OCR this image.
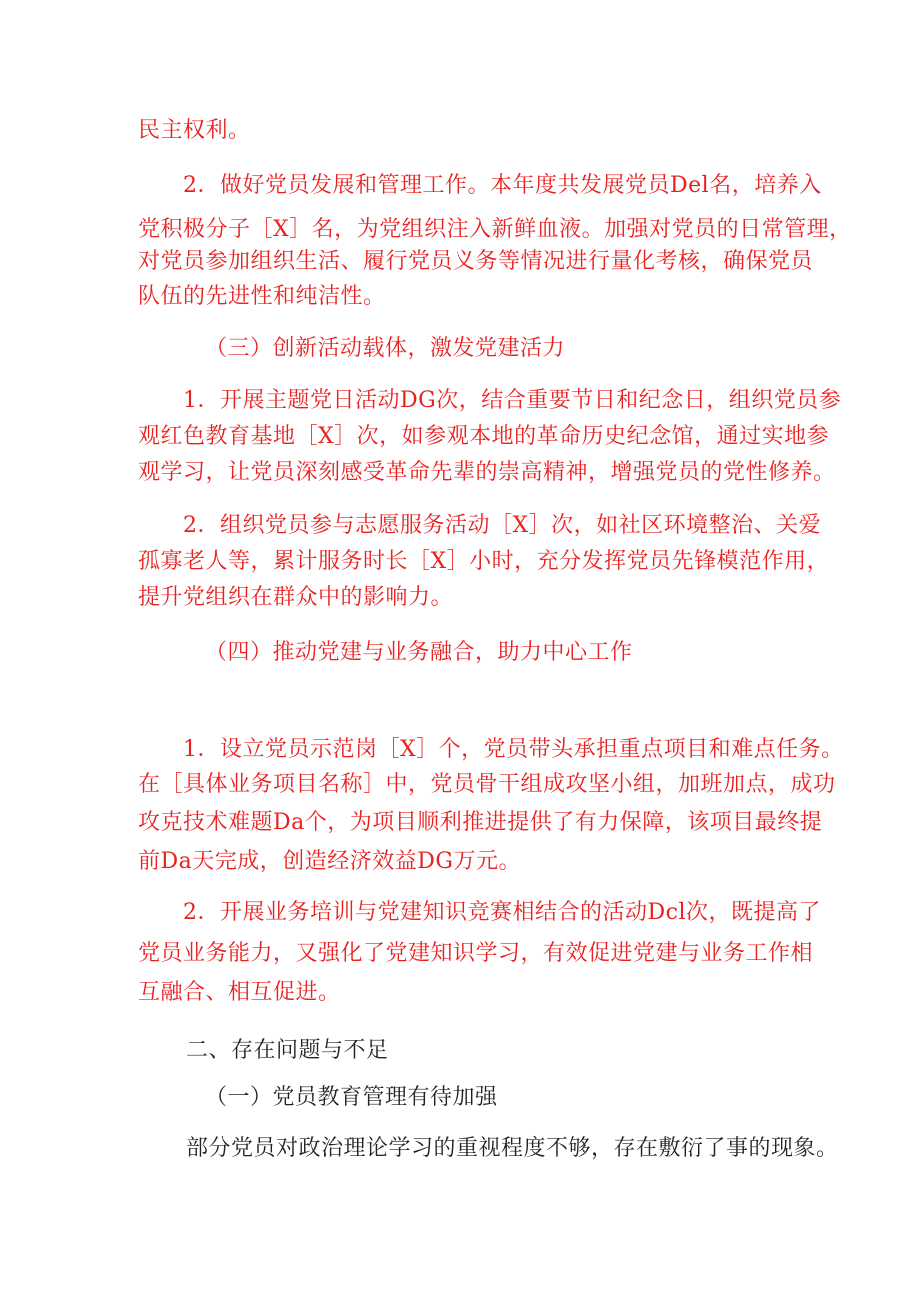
民主权利。
2．做好党员发展和管理工作。本年度共发展党员Del名，培养入
党积极分子［X］名，为党组织注入新鲜血液。加强对党员的日常管理，
对党员参加组织生活、履行党员义务等情况进行量化考核，确保党员
队伍的先进性和纯洁性。
（三）创新活动载体，激发党建活力
1．开展主题党日活动DG次，结合重要节日和纪念日，组织党员参
观红色教育基地［X］次，如参观本地的革命历史纪念馆，通过实地参
观学习，让党员深刻感受革命先辈的崇高精神，增强党员的党性修养。
2．组织党员参与志愿服务活动［X］次，如社区环境整治、关爱
孤寡老人等，累计服务时长［X］小时，充分发挥党员先锋模范作用，
提升党组织在群众中的影响力。
（四）推动党建与业务融合，助力中心工作
1．设立党员示范岗［X］个，党员带头承担重点项目和难点任务。
在［具体业务项目名称］中，党员骨干组成攻坚小组，加班加点，成功
攻克技术难题Da个，为项目顺利推进提供了有力保障，该项目最终提
前Da天完成，创造经济效益DG万元。
2．开展业务培训与党建知识竞赛相结合的活动Dcl次，既提高了
党员业务能力，又强化了党建知识学习，有效促进党建与业务工作相
互融合、相互促进。
二、存在问题与不足
（一）党员教育管理有待加强
部分党员对政治理论学习的重视程度不够，存在敷衍了事的现象。
